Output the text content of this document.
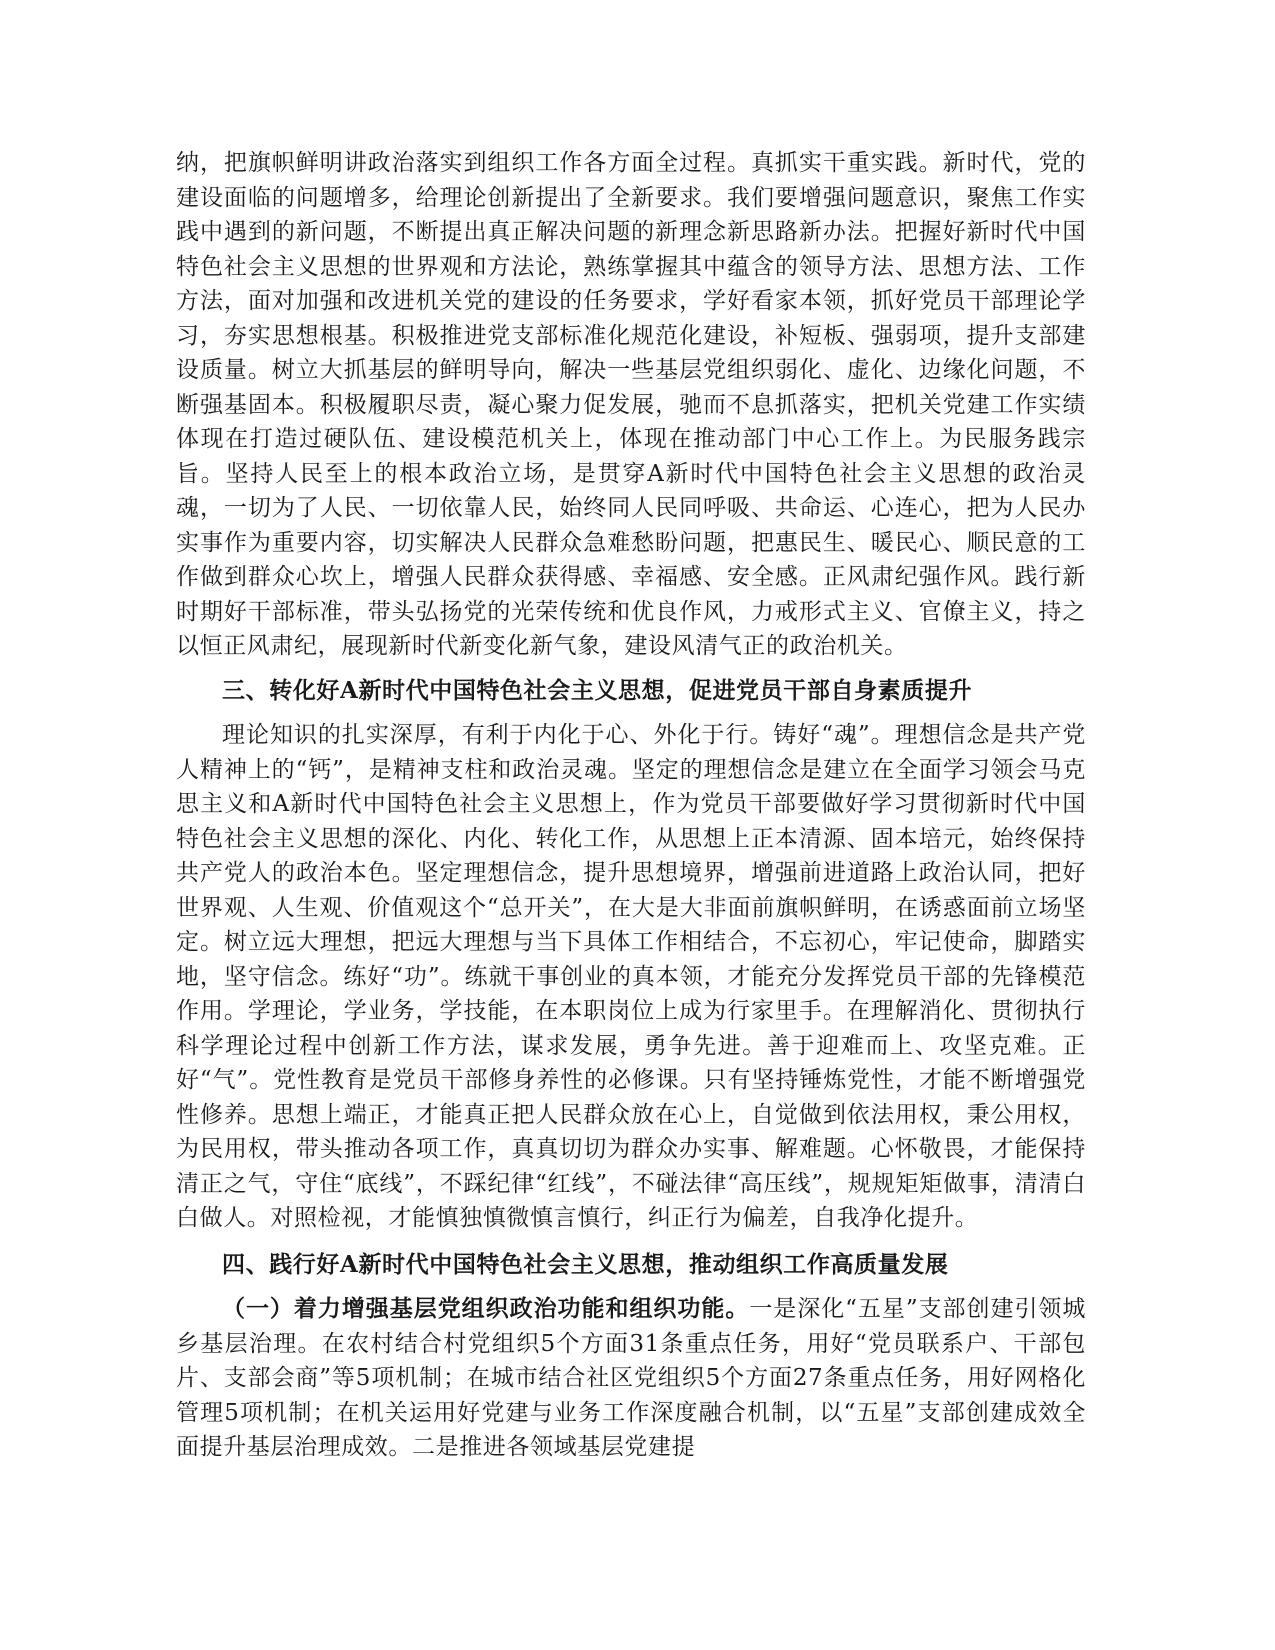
纳，把旗帜鲜明讲政治落实到组织工作各方面全过程。真抓实干重实践。新时代，党的建设面临的问题增多，给理论创新提出了全新要求。我们要增强问题意识，聚焦工作实践中遇到的新问题，不断提出真正解决问题的新理念新思路新办法。把握好新时代中国特色社会主义思想的世界观和方法论，熟练掌握其中蕴含的领导方法、思想方法、工作方法，面对加强和改进机关党的建设的任务要求，学好看家本领，抓好党员干部理论学习，夯实思想根基。积极推进党支部标准化规范化建设，补短板、强弱项，提升支部建设质量。树立大抓基层的鲜明导向，解决一些基层党组织弱化、虚化、边缘化问题，不断强基固本。积极履职尽责，凝心聚力促发展，驰而不息抓落实，把机关党建工作实绩体现在打造过硬队伍、建设模范机关上，体现在推动部门中心工作上。为民服务践宗旨。坚持人民至上的根本政治立场，是贯穿A新时代中国特色社会主义思想的政治灵魂，一切为了人民、一切依靠人民，始终同人民同呼吸、共命运、心连心，把为人民办实事作为重要内容，切实解决人民群众急难愁盼问题，把惠民生、暖民心、顺民意的工作做到群众心坎上，增强人民群众获得感、幸福感、安全感。正风肃纪强作风。践行新时期好干部标准，带头弘扬党的光荣传统和优良作风，力戒形式主义、官僚主义，持之以恒正风肃纪，展现新时代新变化新气象，建设风清气正的政治机关。

三、转化好A新时代中国特色社会主义思想，促进党员干部自身素质提升

理论知识的扎实深厚，有利于内化于心、外化于行。铸好“魂”。理想信念是共产党人精神上的“钙”，是精神支柱和政治灵魂。坚定的理想信念是建立在全面学习领会马克思主义和A新时代中国特色社会主义思想上，作为党员干部要做好学习贯彻新时代中国特色社会主义思想的深化、内化、转化工作，从思想上正本清源、固本培元，始终保持共产党人的政治本色。坚定理想信念，提升思想境界，增强前进道路上政治认同，把好世界观、人生观、价值观这个“总开关”，在大是大非面前旗帜鲜明，在诱惑面前立场坚定。树立远大理想，把远大理想与当下具体工作相结合，不忘初心，牢记使命，脚踏实地，坚守信念。练好“功”。练就干事创业的真本领，才能充分发挥党员干部的先锋模范作用。学理论，学业务，学技能，在本职岗位上成为行家里手。在理解消化、贯彻执行科学理论过程中创新工作方法，谋求发展，勇争先进。善于迎难而上、攻坚克难。正好“气”。党性教育是党员干部修身养性的必修课。只有坚持锤炼党性，才能不断增强党性修养。思想上端正，才能真正把人民群众放在心上，自觉做到依法用权，秉公用权，为民用权，带头推动各项工作，真真切切为群众办实事、解难题。心怀敬畏，才能保持清正之气，守住“底线”，不踩纪律“红线”，不碰法律“高压线”，规规矩矩做事，清清白白做人。对照检视，才能慎独慎微慎言慎行，纠正行为偏差，自我净化提升。

四、践行好A新时代中国特色社会主义思想，推动组织工作高质量发展

（一）着力增强基层党组织政治功能和组织功能。一是深化“五星”支部创建引领城乡基层治理。在农村结合村党组织5个方面31条重点任务，用好“党员联系户、干部包片、支部会商”等5项机制；在城市结合社区党组织5个方面27条重点任务，用好网格化管理5项机制；在机关运用好党建与业务工作深度融合机制，以“五星”支部创建成效全面提升基层治理成效。二是推进各领域基层党建提
